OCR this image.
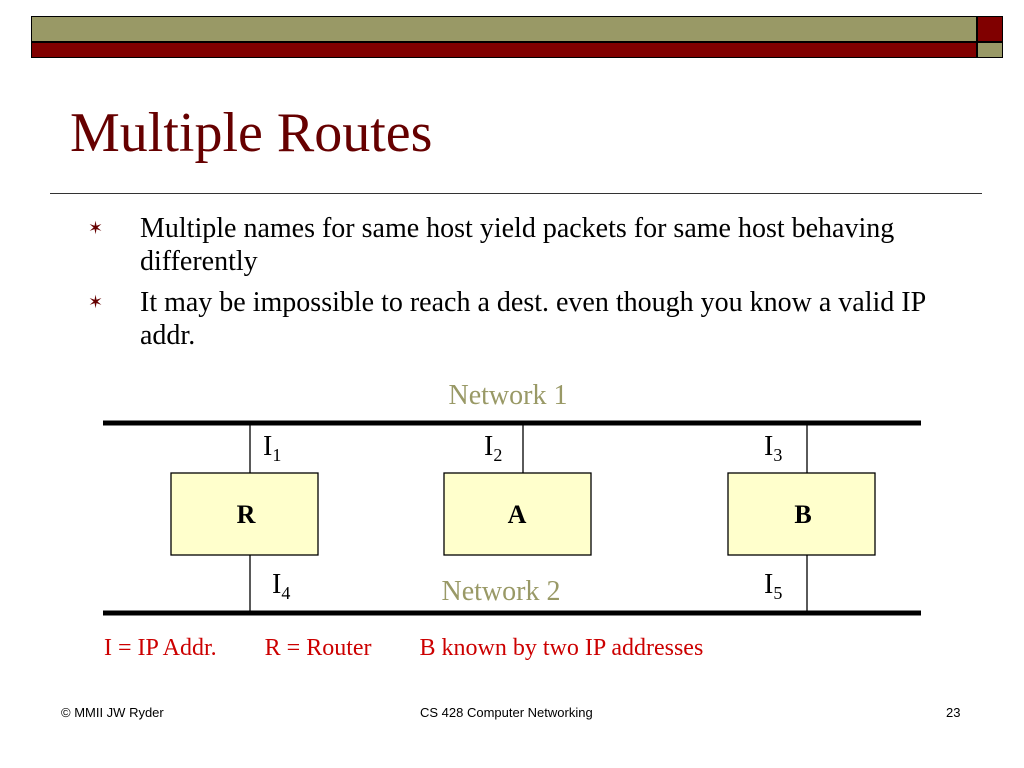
Multiple Routes
✶ Multiple names for same host yield packets for same host behaving differently
✶ It may be impossible to reach a dest. even though you know a valid IP addr.
Network 1
R	A	B
$I_1$	$I_2$	$I_3$
$I_4$	$I_5$
Network 2
I = IP Addr. R = Router B known by two IP addresses
© MMII JW Ryder	CS 428 Computer Networking	23
